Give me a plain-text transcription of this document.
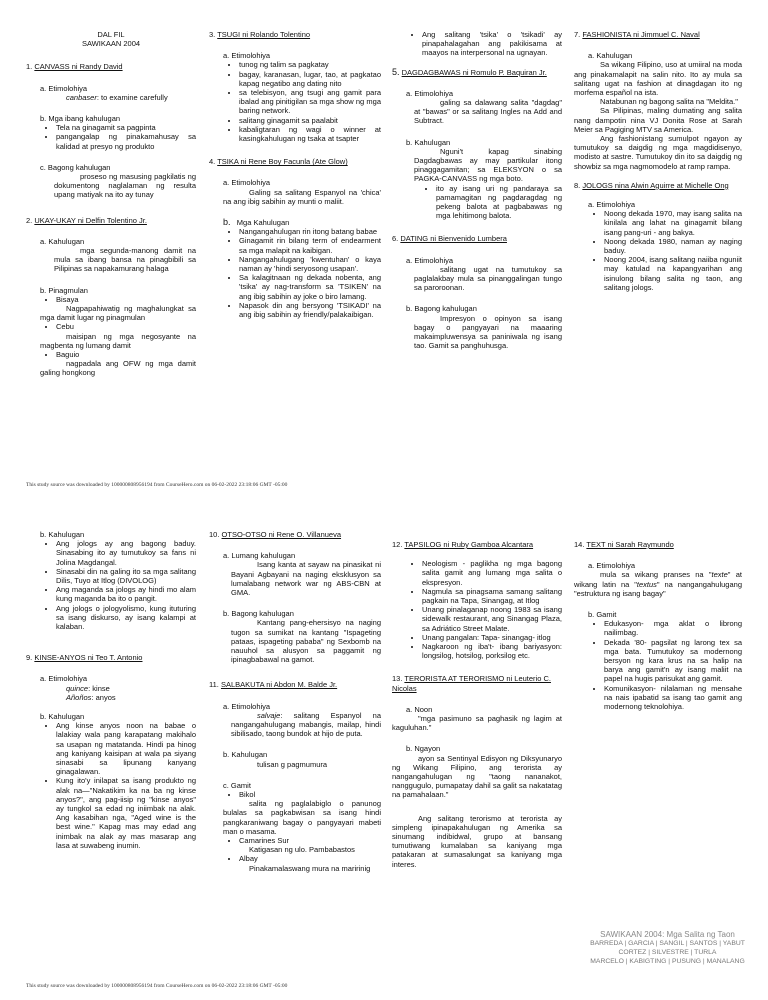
DAL FIL
SAWIKAAN 2004
1. CANVASS ni Randy David
a. Etimolohiya
canbaser: to examine carefully
b. Mga ibang kahulugan
• Tela na ginagamit sa pagpinta
• pangangalap ng pinakamahusay sa kalidad at presyo ng produkto
c. Bagong kahulugan
proseso ng masusing pagkilatis ng dokumentong naglalaman ng resulta upang matiyak na ito ay tunay
2. UKAY-UKAY ni Delfin Tolentino Jr.
a. Kahulugan
mga segunda-manong damit na mula sa ibang bansa na pinagbibili sa Pilipinas sa napakamurang halaga
b. Pinagmulan
• Bisaya
Nagpapahiwatig ng maghalungkat sa mga damit lugar ng pinagmulan
• Cebu
maisipan ng mga negosyante na magbenta ng lumang damit
• Baguio
nagpadala ang OFW ng mga damit galing hongkong
3. TSUGI ni Rolando Tolentino
a. Etimolohiya
• tunog ng talim sa pagkatay
• bagay, karanasan, lugar, tao, at pagkatao kapag negatibo ang dating nito
• sa telebisyon, ang tsugi ang gamit para ibalad ang pinitigilan sa mga show ng mga baring network.
• salitang ginagamit sa paalabit
• kabaligtaran ng wagi o winner at kasingkahulugan ng tsaka at tsapter
4. TSIKA ni Rene Boy Facunla (Ate Glow)
a. Etimolohiya
Galing sa salitang Espanyol na 'chica' na ang ibig sabihin ay munti o maliit.
b. Mga Kahulugan
• Nangangahulugan rin itong batang babae
• Ginagamit rin bilang term of endearment sa mga malapit na kaibigan.
• Nangangahulugang 'kwentuhan' o kaya naman ay 'hindi seryosong usapan'.
• Sa kalagitnaan ng dekada nobenta, ang 'tsika' ay nag-transform sa 'TSIKEN' na ang ibig sabihin ay joke o biro lamang.
• Napasok din ang bersyong 'TSIKADI' na ang ibig sabihin ay friendly/palakaibigan.
• Ang salitang 'tsika' o 'tsikadi' ay pinapahalagahan ang pakikisama at maayos na interpersonal na ugnayan.
5. DAGDAGBAWAS ni Romulo P. Baquiran Jr.
a. Etimolohiya
galing sa dalawang salita "dagdag" at "bawas" or sa salitang Ingles na Add and Subtract.
b. Kahulugan
Nguni't kapag sinabing Dagdagbawas ay may partikular itong pinaggagamitan; sa ELEKSYON o sa PAGKA-CANVASS ng mga boto.
• ito ay isang uri ng pandaraya sa pamamagitan ng pagdaragdag ng pekeng balota at pagbabawas ng mga lehitimong balota.
6. DATING ni Bienvenido Lumbera
a. Etimolohiya
salitang ugat na tumutukoy sa paglalakbay mula sa pinanggalingan tungo sa paroroonan.
b. Bagong kahulugan
Impresyon o opinyon sa isang bagay o pangyayari na maaaring makaimpluwensya sa paniniwala ng isang tao. Gamit sa panghuhusga.
7. FASHIONISTA ni Jimmuel C. Naval
a. Kahulugan
Sa wikang Filipino, uso at umiiral na moda ang pinakamalapit na salin nito. Ito ay mula sa salitang ugat na fashion at dinagdagan ito ng morfema español na ista.
Natabunan ng bagong salita na "Meldita."
Sa Pilipinas, maling dumating ang salita nang dampotin nina VJ Donita Rose at Sarah Meier sa Pagiging MTV sa America.
Ang fashionistang sumulpot ngayon ay tumutukoy sa daigdig ng mga magdidisenyo, modisto at sastre. Tumutukoy din ito sa daigdig ng showbiz sa mga nagmomodelo at ramp rampa.
8. JOLOGS nina Alwin Aguirre at Michelle Ong
a. Etimolohiya
• Noong dekada 1970, may isang salita na kinilala ang lahat na ginagamit bilang isang pang-uri - ang bakya.
• Noong dekada 1980, naman ay naging baduy.
• Noong 2004, isang salitang naiiba nguniit may katulad na kapangyarihan ang isinulong bilang salita ng taon, ang salitang jologs.
This study source was downloaded by 100000808956194 from CourseHero.com on 06-02-2022 23:18:06 GMT -05:00
b. Kahulugan
• Ang jologs ay ang bagong baduy. Sinasabing ito ay tumutukoy sa fans ni Jolina Magdangal.
• Sinasabi din na galing ito sa mga salitang Dilis, Tuyo at Itlog (DIVOLOG)
• Ang maganda sa jologs ay hindi mo alam kung maganda ba ito o pangit.
• Ang jologs o jologyolismo, kung ituturing sa isang diskurso, ay isang kalampi at kalaban.
9. KINSE-ANYOS ni Teo T. Antonio
a. Etimolohiya
quince: kinse
Añoños: anyos
b. Kahulugan
• Ang kinse anyos noon na babae o lalakiay wala pang karapatang makihalo sa usapan ng matatanda. Hindi pa hinog ang kaniyang kaisipan at wala pa siyang sinasabi sa lipunang kanyang ginagalawan.
• Kung ito'y inilapat sa isang produkto ng alak na—"Nakatikim ka na ba ng kinse anyos?", ang pag-iisip ng "kinse anyos" ay tungkol sa edad ng iniimbak na alak. Ang kasabihan nga, "Aged wine is the best wine." Kapag mas may edad ang inimbak na alak ay mas masarap ang lasa at suwabeng inumin.
10. OTSO-OTSO ni Rene O. Villanueva
a. Lumang kahulugan
Isang kanta at sayaw na pinasikat ni Bayani Agbayani na naging eksklusyon sa lumalabang network war ng ABS-CBN at GMA.
b. Bagong kahulugan
Kantang pang-ehersisyo na naging tugon sa sumikat na kantang "Ispageting pataas, ispageting pababa" ng Sexbomb na nauuhol sa alusyon sa paggamit ng ipinagbabawal na gamot.
11. SALBAKUTA ni Abdon M. Balde Jr.
a. Etimolohiya
salvaje: salitang Espanyol na nangangahulugang mabangis, mailap, hindi sibilisado, taong bundok at hijo de puta.
b. Kahulugan
tulisan g pagmumura
c. Gamit
• Bikol
salita ng paglalabiglo o panunog bulalas sa pagkabwisan sa isang hindi pangkaraniwang bagay o pangyayari mabeti man o masama.
• Camarines Sur
Katigasan ng ulo. Pambabastos
• Albay
Pinakamalaswang mura na maririnig
12. TAPSILOG ni Ruby Gamboa Alcantara
• Neologism - paglikha ng mga bagong salita gamit ang lumang mga salita o ekspresyon.
• Nagmula sa pinagsama samang salitang pagkain na Tapa, Sinangag, at Itlog
• Unang pinalaganap noong 1983 sa isang sidewalk restaurant, ang Sinangag Plaza, sa Adriático Street Malate.
• Unang pangalan: Tapa- sinangag- itlog
• Nagkaroon ng iba't- ibang bariyasyon: longsilog, hotsilog, porksilog etc.
13. TERORISTA AT TERORISMO ni Leuterio C. Nicolas
a. Noon
"mga pasimuno sa paghasik ng lagim at kaguluhan."
b. Ngayon
ayon sa Sentinyal Edisyon ng Diksyunaryo ng Wikang Filipino, ang terorista ay nangangahulugan ng "taong nananakot, nanggugulo, pumapatay dahil sa galit sa nakatatag na pamahalaan."
Ang salitang terorismo at terorista ay simpleng ipinapakahulugan ng Amerika sa sinumang indibidwal, grupo at bansang tumutiwang kumalaban sa kaniyang mga patakaran at sumasalungat sa kaniyang mga interes.
14. TEXT ni Sarah Raymundo
a. Etimolohiya
mula sa wikang pranses na "texte" at wikang latin na "textus" na nangangahulugang "estruktura ng isang bagay"
b. Gamit
• Edukasyon- mga aklat o librong nailimbag.
• Dekada '80- pagsilat ng larong tex sa mga bata. Tumutukoy sa modernong bersyon ng kara krus na sa halip na barya ang gamit'n ay isang maliit na papel na hugis parisukat ang gamit.
• Komunikasyon- nilalaman ng mensahe na nais ipabatid sa isang tao gamit ang modernong teknolohiya.
SAWIKAAN 2004: Mga Salita ng Taon
BARREDA | GARCIA | SANGIL | SANTOS | YABUT
CORTEZ | SILVESTRE | TURLA
MARCELO | KABIGTING | PUSUNG | MANALANG
This study source was downloaded by 100000808956194 from CourseHero.com on 06-02-2022 23:18:06 GMT -05:00
